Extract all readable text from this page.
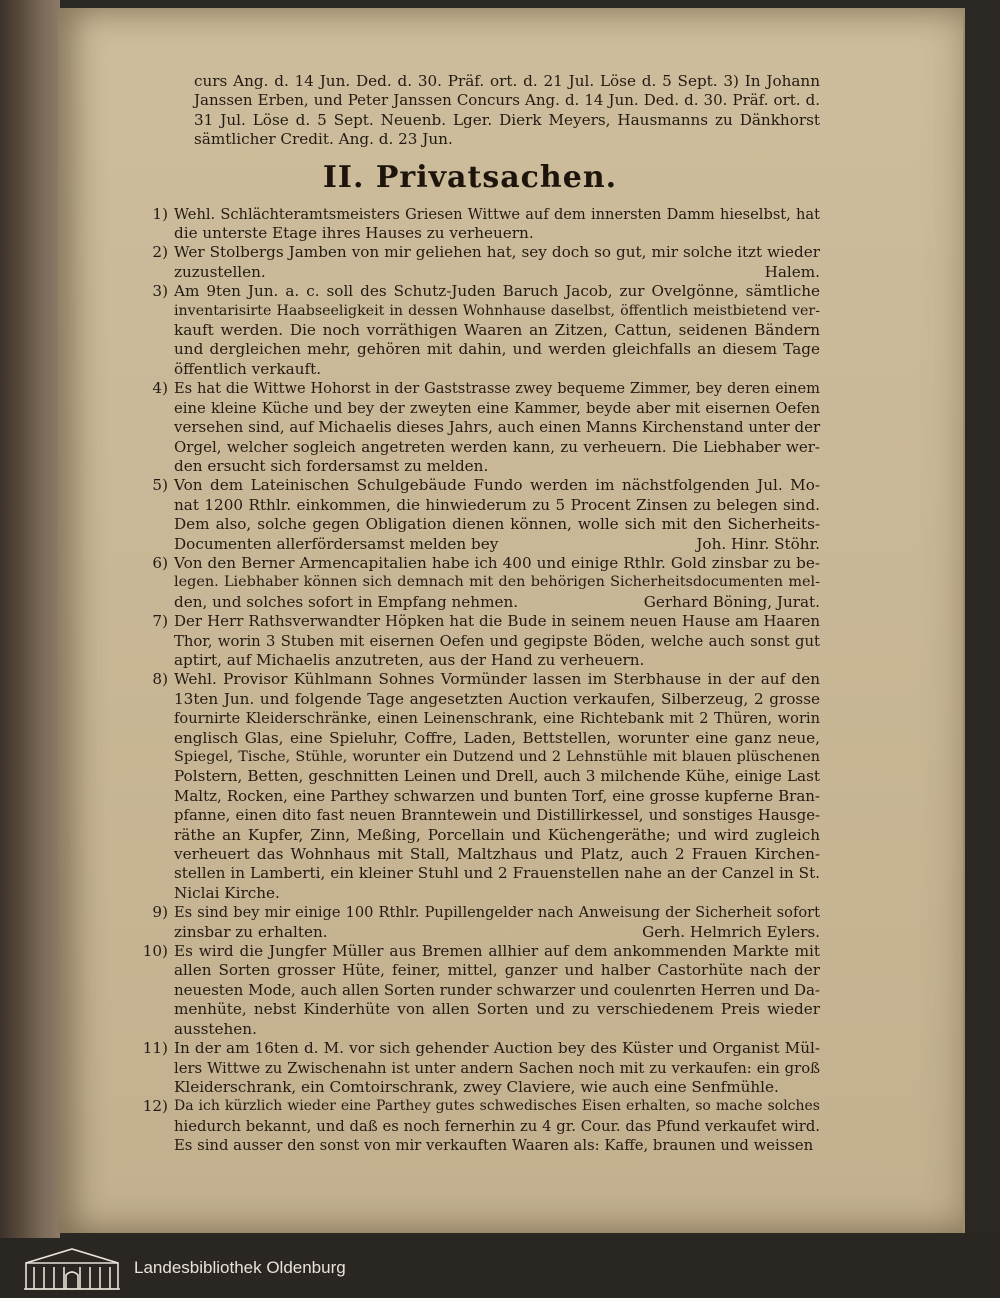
curs Ang. d. 14 Jun. Ded. d. 30. Präf. ort. d. 21 Jul. Löse d. 5 Sept. 3) In Johann
Janssen Erben, und Peter Janssen Concurs Ang. d. 14 Jun. Ded. d. 30. Präf. ort. d.
31 Jul. Löse d. 5 Sept. Neuenb. Lger. Dierk Meyers, Hausmanns zu Dänkhorst
sämtlicher Credit. Ang. d. 23 Jun.
II. Privatsachen.
1) Wehl. Schlächteramtsmeisters Griesen Wittwe auf dem innersten Damm hieselbst, hat
die unterste Etage ihres Hauses zu verheuern.
2) Wer Stolbergs Jamben von mir geliehen hat, sey doch so gut, mir solche itzt wieder
zuzustellen.	Halem.
3) Am 9ten Jun. a. c. soll des Schutz-Juden Baruch Jacob, zur Ovelgönne, sämtliche
inventarisirte Haabseeligkeit in dessen Wohnhause daselbst, öffentlich meistbietend ver-
kauft werden. Die noch vorräthigen Waaren an Zitzen, Cattun, seidenen Bändern
und dergleichen mehr, gehören mit dahin, und werden gleichfalls an diesem Tage
öffentlich verkauft.
4) Es hat die Wittwe Hohorst in der Gaststrasse zwey bequeme Zimmer, bey deren einem
eine kleine Küche und bey der zweyten eine Kammer, beyde aber mit eisernen Oefen
versehen sind, auf Michaelis dieses Jahrs, auch einen Manns Kirchenstand unter der
Orgel, welcher sogleich angetreten werden kann, zu verheuern. Die Liebhaber wer-
den ersucht sich fordersamst zu melden.
5) Von dem Lateinischen Schulgebäude Fundo werden im nächstfolgenden Jul. Mo-
nat 1200 Rthlr. einkommen, die hinwiederum zu 5 Procent Zinsen zu belegen sind.
Dem also, solche gegen Obligation dienen können, wolle sich mit den Sicherheits-
Documenten allerfördersamst melden bey	Joh. Hinr. Stöhr.
6) Von den Berner Armencapitalien habe ich 400 und einige Rthlr. Gold zinsbar zu be-
legen. Liebhaber können sich demnach mit den behörigen Sicherheitsdocumenten mel-
den, und solches sofort in Empfang nehmen.	Gerhard Böning, Jurat.
7) Der Herr Rathsverwandter Höpken hat die Bude in seinem neuen Hause am Haaren
Thor, worin 3 Stuben mit eisernen Oefen und gegipste Böden, welche auch sonst gut
aptirt, auf Michaelis anzutreten, aus der Hand zu verheuern.
8) Wehl. Provisor Kühlmann Sohnes Vormünder lassen im Sterbhause in der auf den
13ten Jun. und folgende Tage angesetzten Auction verkaufen, Silberzeug, 2 grosse
fournirte Kleiderschränke, einen Leinenschrank, eine Richtebank mit 2 Thüren, worin
englisch Glas, eine Spieluhr, Coffre, Laden, Bettstellen, worunter eine ganz neue,
Spiegel, Tische, Stühle, worunter ein Dutzend und 2 Lehnstühle mit blauen plüschenen
Polstern, Betten, geschnitten Leinen und Drell, auch 3 milchende Kühe, einige Last
Maltz, Rocken, eine Parthey schwarzen und bunten Torf, eine grosse kupferne Bran-
pfanne, einen dito fast neuen Branntewein und Distillirkessel, und sonstiges Hausge-
räthe an Kupfer, Zinn, Meßing, Porcellain und Küchengeräthe; und wird zugleich
verheuert das Wohnhaus mit Stall, Maltzhaus und Platz, auch 2 Frauen Kirchen-
stellen in Lamberti, ein kleiner Stuhl und 2 Frauenstellen nahe an der Canzel in St.
Niclai Kirche.
9) Es sind bey mir einige 100 Rthlr. Pupillengelder nach Anweisung der Sicherheit sofort
zinsbar zu erhalten.	Gerh. Helmrich Eylers.
10) Es wird die Jungfer Müller aus Bremen allhier auf dem ankommenden Markte mit
allen Sorten grosser Hüte, feiner, mittel, ganzer und halber Castorhüte nach der
neuesten Mode, auch allen Sorten runder schwarzer und coulenrten Herren und Da-
menhüte, nebst Kinderhüte von allen Sorten und zu verschiedenem Preis wieder
ausstehen.
11) In der am 16ten d. M. vor sich gehender Auction bey des Küster und Organist Mül-
lers Wittwe zu Zwischenahn ist unter andern Sachen noch mit zu verkaufen: ein groß
Kleiderschrank, ein Comtoirschrank, zwey Claviere, wie auch eine Senfmühle.
12) Da ich kürzlich wieder eine Parthey gutes schwedisches Eisen erhalten, so mache solches
hiedurch bekannt, und daß es noch fernerhin zu 4 gr. Cour. das Pfund verkaufet wird.
Es sind ausser den sonst von mir verkauften Waaren als: Kaffe, braunen und weissen
Landesbibliothek Oldenburg
